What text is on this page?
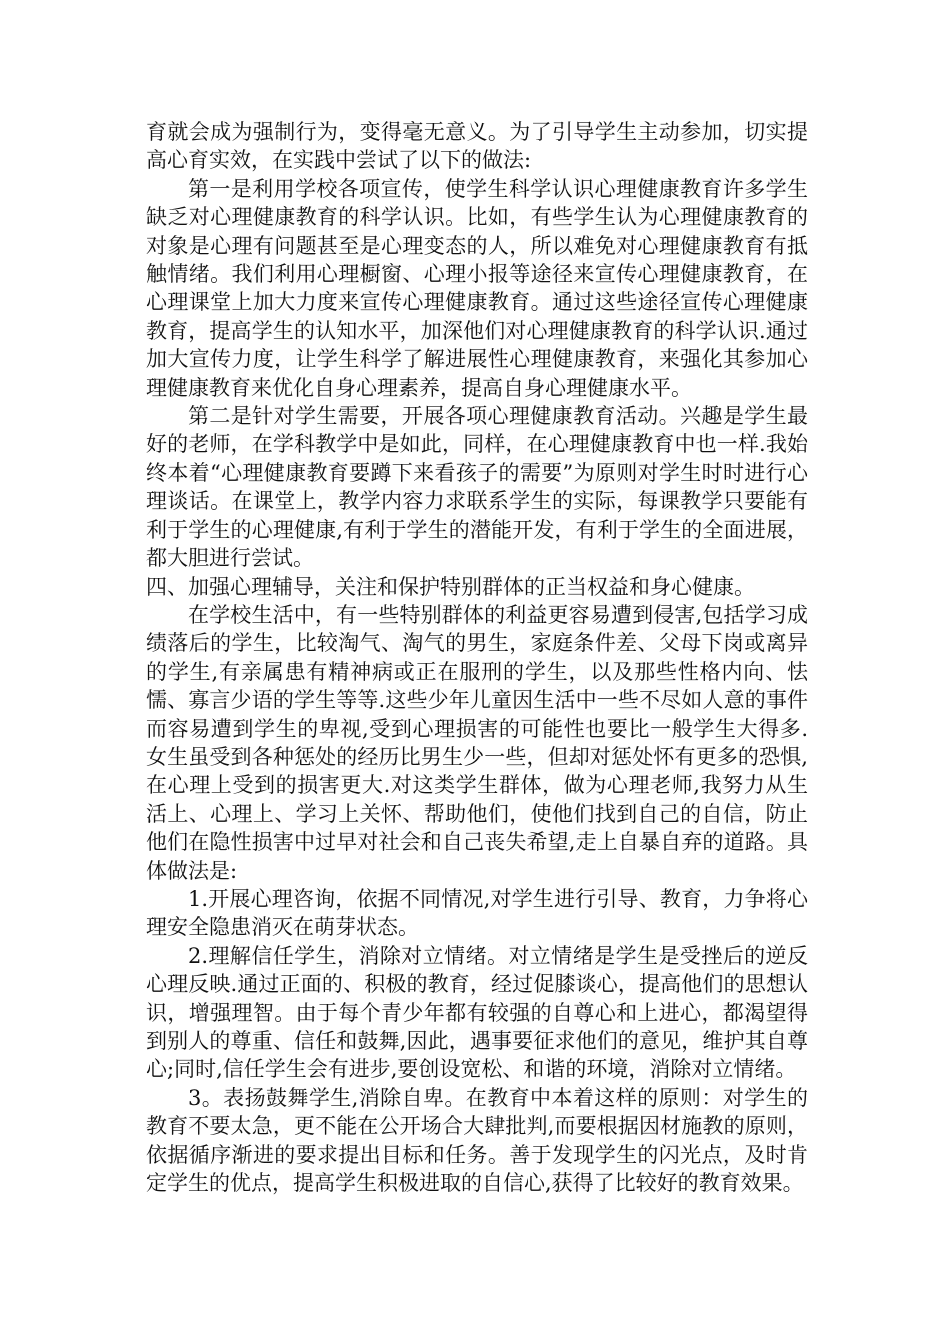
育就会成为强制行为，变得毫无意义。为了引导学生主动参加，切实提高心育实效，在实践中尝试了以下的做法:

第一是利用学校各项宣传，使学生科学认识心理健康教育许多学生缺乏对心理健康教育的科学认识。比如，有些学生认为心理健康教育的对象是心理有问题甚至是心理变态的人，所以难免对心理健康教育有抵触情绪。我们利用心理橱窗、心理小报等途径来宣传心理健康教育，在心理课堂上加大力度来宣传心理健康教育。通过这些途径宣传心理健康教育，提高学生的认知水平，加深他们对心理健康教育的科学认识.通过加大宣传力度，让学生科学了解进展性心理健康教育，来强化其参加心理健康教育来优化自身心理素养，提高自身心理健康水平。

第二是针对学生需要，开展各项心理健康教育活动。兴趣是学生最好的老师，在学科教学中是如此，同样，在心理健康教育中也一样.我始终本着“心理健康教育要蹲下来看孩子的需要”为原则对学生时时进行心理谈话。在课堂上，教学内容力求联系学生的实际，每课教学只要能有利于学生的心理健康,有利于学生的潜能开发，有利于学生的全面进展，都大胆进行尝试。

四、加强心理辅导，关注和保护特别群体的正当权益和身心健康。

在学校生活中，有一些特别群体的利益更容易遭到侵害,包括学习成绩落后的学生，比较淘气、淘气的男生，家庭条件差、父母下岗或离异的学生,有亲属患有精神病或正在服刑的学生，以及那些性格内向、怯懦、寡言少语的学生等等.这些少年儿童因生活中一些不尽如人意的事件而容易遭到学生的卑视,受到心理损害的可能性也要比一般学生大得多.女生虽受到各种惩处的经历比男生少一些，但却对惩处怀有更多的恐惧,在心理上受到的损害更大.对这类学生群体，做为心理老师,我努力从生活上、心理上、学习上关怀、帮助他们，使他们找到自己的自信，防止他们在隐性损害中过早对社会和自己丧失希望,走上自暴自弃的道路。具体做法是:

1.开展心理咨询，依据不同情况,对学生进行引导、教育，力争将心理安全隐患消灭在萌芽状态。

2.理解信任学生，消除对立情绪。对立情绪是学生是受挫后的逆反心理反映.通过正面的、积极的教育，经过促膝谈心，提高他们的思想认识，增强理智。由于每个青少年都有较强的自尊心和上进心，都渴望得到别人的尊重、信任和鼓舞,因此，遇事要征求他们的意见，维护其自尊心;同时,信任学生会有进步,要创设宽松、和谐的环境，消除对立情绪。

3。表扬鼓舞学生,消除自卑。在教育中本着这样的原则：对学生的教育不要太急，更不能在公开场合大肆批判,而要根据因材施教的原则，依据循序渐进的要求提出目标和任务。善于发现学生的闪光点，及时肯定学生的优点，提高学生积极进取的自信心,获得了比较好的教育效果。
